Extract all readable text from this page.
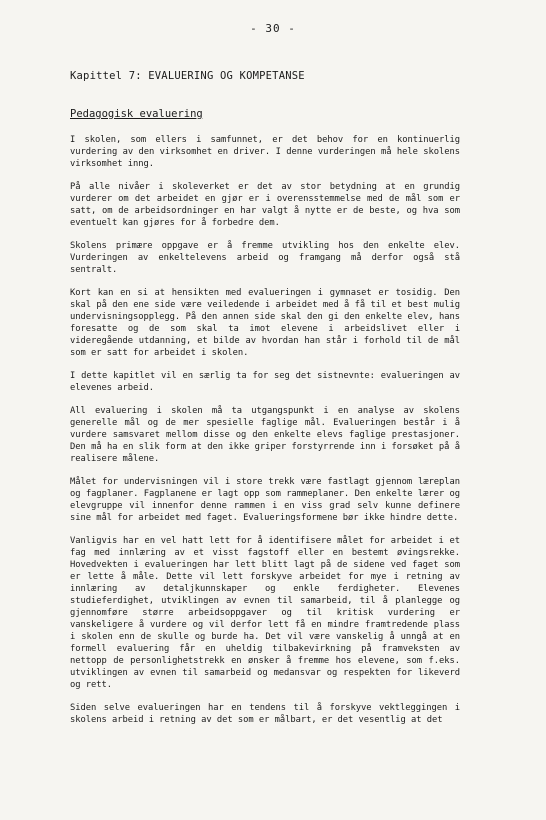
- 30 -
Kapittel 7: EVALUERING OG KOMPETANSE
Pedagogisk evaluering

I skolen, som ellers i samfunnet, er det behov for en kontinuerlig vurdering av den virksomhet en driver. I denne vurderingen må hele skolens virksomhet inng.

På alle nivåer i skoleverket er det av stor betydning at en grundig vurderer om det arbeidet en gjør er i overensstemmelse med de mål som er satt, om de arbeidsordninger en har valgt å nytte er de beste, og hva som eventuelt kan gjøres for å forbedre dem.

Skolens primære oppgave er å fremme utvikling hos den enkelte elev. Vurderingen av enkeltelevens arbeid og framgang må derfor også stå sentralt.

Kort kan en si at hensikten med evalueringen i gymnaset er tosidig. Den skal på den ene side være veiledende i arbeidet med å få til et best mulig undervisningsopplegg. På den annen side skal den gi den enkelte elev, hans foresatte og de som skal ta imot elevene i arbeidslivet eller i videregående utdanning, et bilde av hvordan han står i forhold til de mål som er satt for arbeidet i skolen.

I dette kapitlet vil en særlig ta for seg det sistnevnte: evalueringen av elevenes arbeid.

All evaluering i skolen må ta utgangspunkt i en analyse av skolens generelle mål og de mer spesielle faglige mål. Evalueringen består i å vurdere samsvaret mellom disse og den enkelte elevs faglige prestasjoner. Den må ha en slik form at den ikke griper forstyrrende inn i forsøket på å realisere målene.

Målet for undervisningen vil i store trekk være fastlagt gjennom læreplan og fagplaner. Fagplanene er lagt opp som rammeplaner. Den enkelte lærer og elevgruppe vil innenfor denne rammen i en viss grad selv kunne definere sine mål for arbeidet med faget. Evalueringsformene bør ikke hindre dette.

Vanligvis har en vel hatt lett for å identifisere målet for arbeidet i et fag med innlæring av et visst fagstoff eller en bestemt øvingsrekke. Hovedvekten i evalueringen har lett blitt lagt på de sidene ved faget som er lette å måle. Dette vil lett forskyve arbeidet for mye i retning av innlæring av detaljkunnskaper og enkle ferdigheter. Elevenes studieferdighet, utviklingen av evnen til samarbeid, til å planlegge og gjennomføre større arbeidsoppgaver og til kritisk vurdering er vanskeligere å vurdere og vil derfor lett få en mindre framtredende plass i skolen enn de skulle og burde ha. Det vil være vanskelig å unngå at en formell evaluering får en uheldig tilbakevirkning på framveksten av nettopp de personlighetstrekk en ønsker å fremme hos elevene, som f.eks. utviklingen av evnen til samarbeid og medansvar og respekten for likeverd og rett.

Siden selve evalueringen har en tendens til å forskyve vektleggingen i skolens arbeid i retning av det som er målbart, er det vesentlig at det
